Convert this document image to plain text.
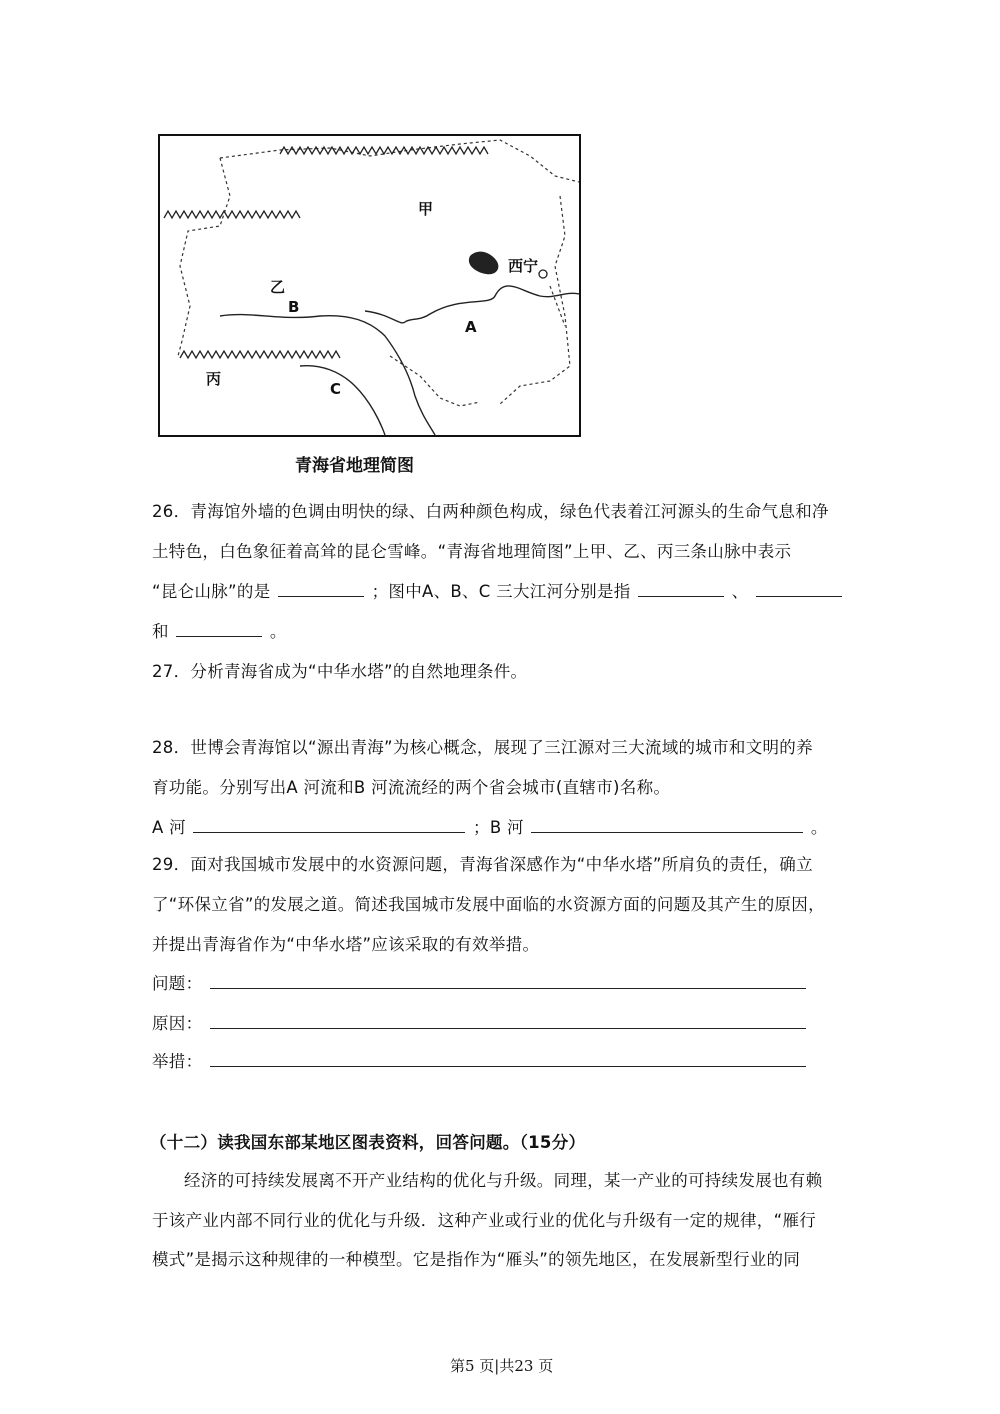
甲
西宁
乙
B
A
丙
C
青海省地理简图
26．青海馆外墙的色调由明快的绿、白两种颜色构成，绿色代表着江河源头的生命气息和净
土特色，白色象征着高耸的昆仑雪峰。“青海省地理简图”上甲、乙、丙三条山脉中表示
“昆仑山脉”的是	；图中A、B、C 三大江河分别是指	、
和	。
27．分析青海省成为“中华水塔”的自然地理条件。
28．世博会青海馆以“源出青海”为核心概念，展现了三江源对三大流域的城市和文明的养
育功能。分别写出A 河流和B 河流流经的两个省会城市(直辖市)名称。
A 河	；B 河	。
29．面对我国城市发展中的水资源问题，青海省深感作为“中华水塔”所肩负的责任，确立
了“环保立省”的发展之道。简述我国城市发展中面临的水资源方面的问题及其产生的原因，
并提出青海省作为“中华水塔”应该采取的有效举措。
问题：
原因：
举措：
（十二）读我国东部某地区图表资料，回答问题。（15分）
经济的可持续发展离不开产业结构的优化与升级。同理，某一产业的可持续发展也有赖
于该产业内部不同行业的优化与升级．这种产业或行业的优化与升级有一定的规律，“雁行
模式”是揭示这种规律的一种模型。它是指作为“雁头”的领先地区，在发展新型行业的同
第5 页|共23 页
